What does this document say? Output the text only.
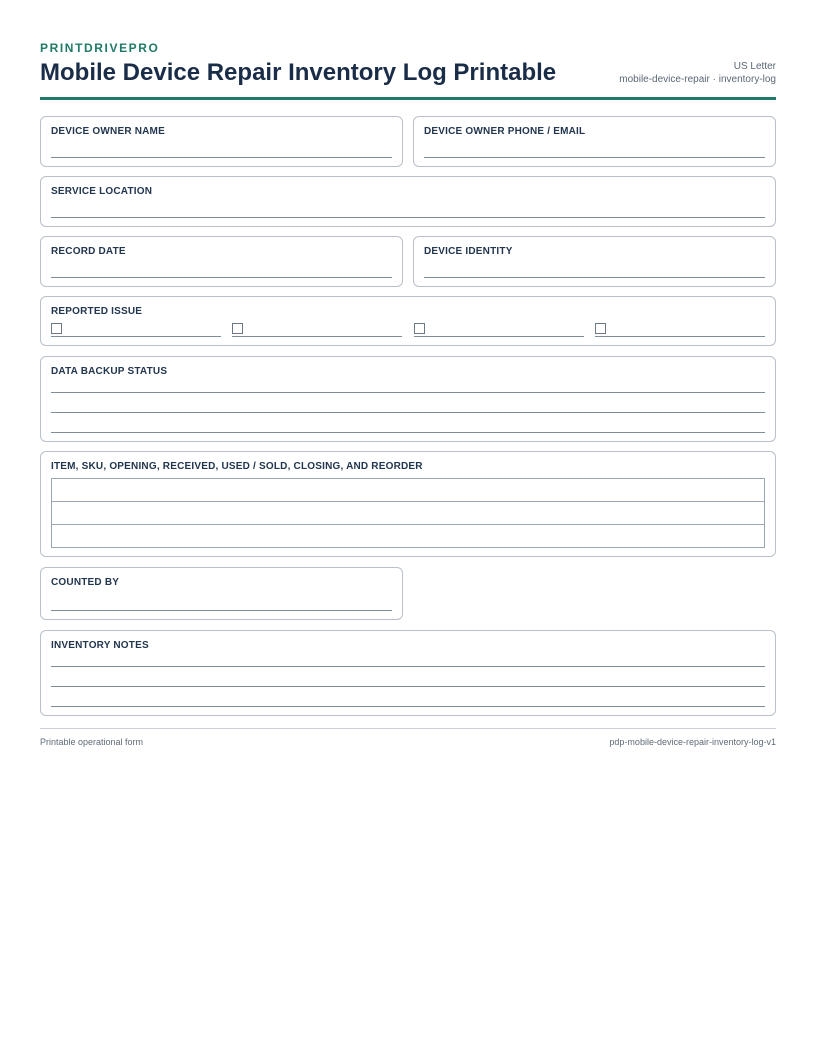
PRINTDRIVEPRO
Mobile Device Repair Inventory Log Printable	US Letter
mobile-device-repair · inventory-log
DEVICE OWNER NAME	DEVICE OWNER PHONE / EMAIL
SERVICE LOCATION
RECORD DATE	DEVICE IDENTITY
REPORTED ISSUE
DATA BACKUP STATUS
ITEM, SKU, OPENING, RECEIVED, USED / SOLD, CLOSING, AND REORDER

COUNTED BY
INVENTORY NOTES
Printable operational form	pdp-mobile-device-repair-inventory-log-v1
